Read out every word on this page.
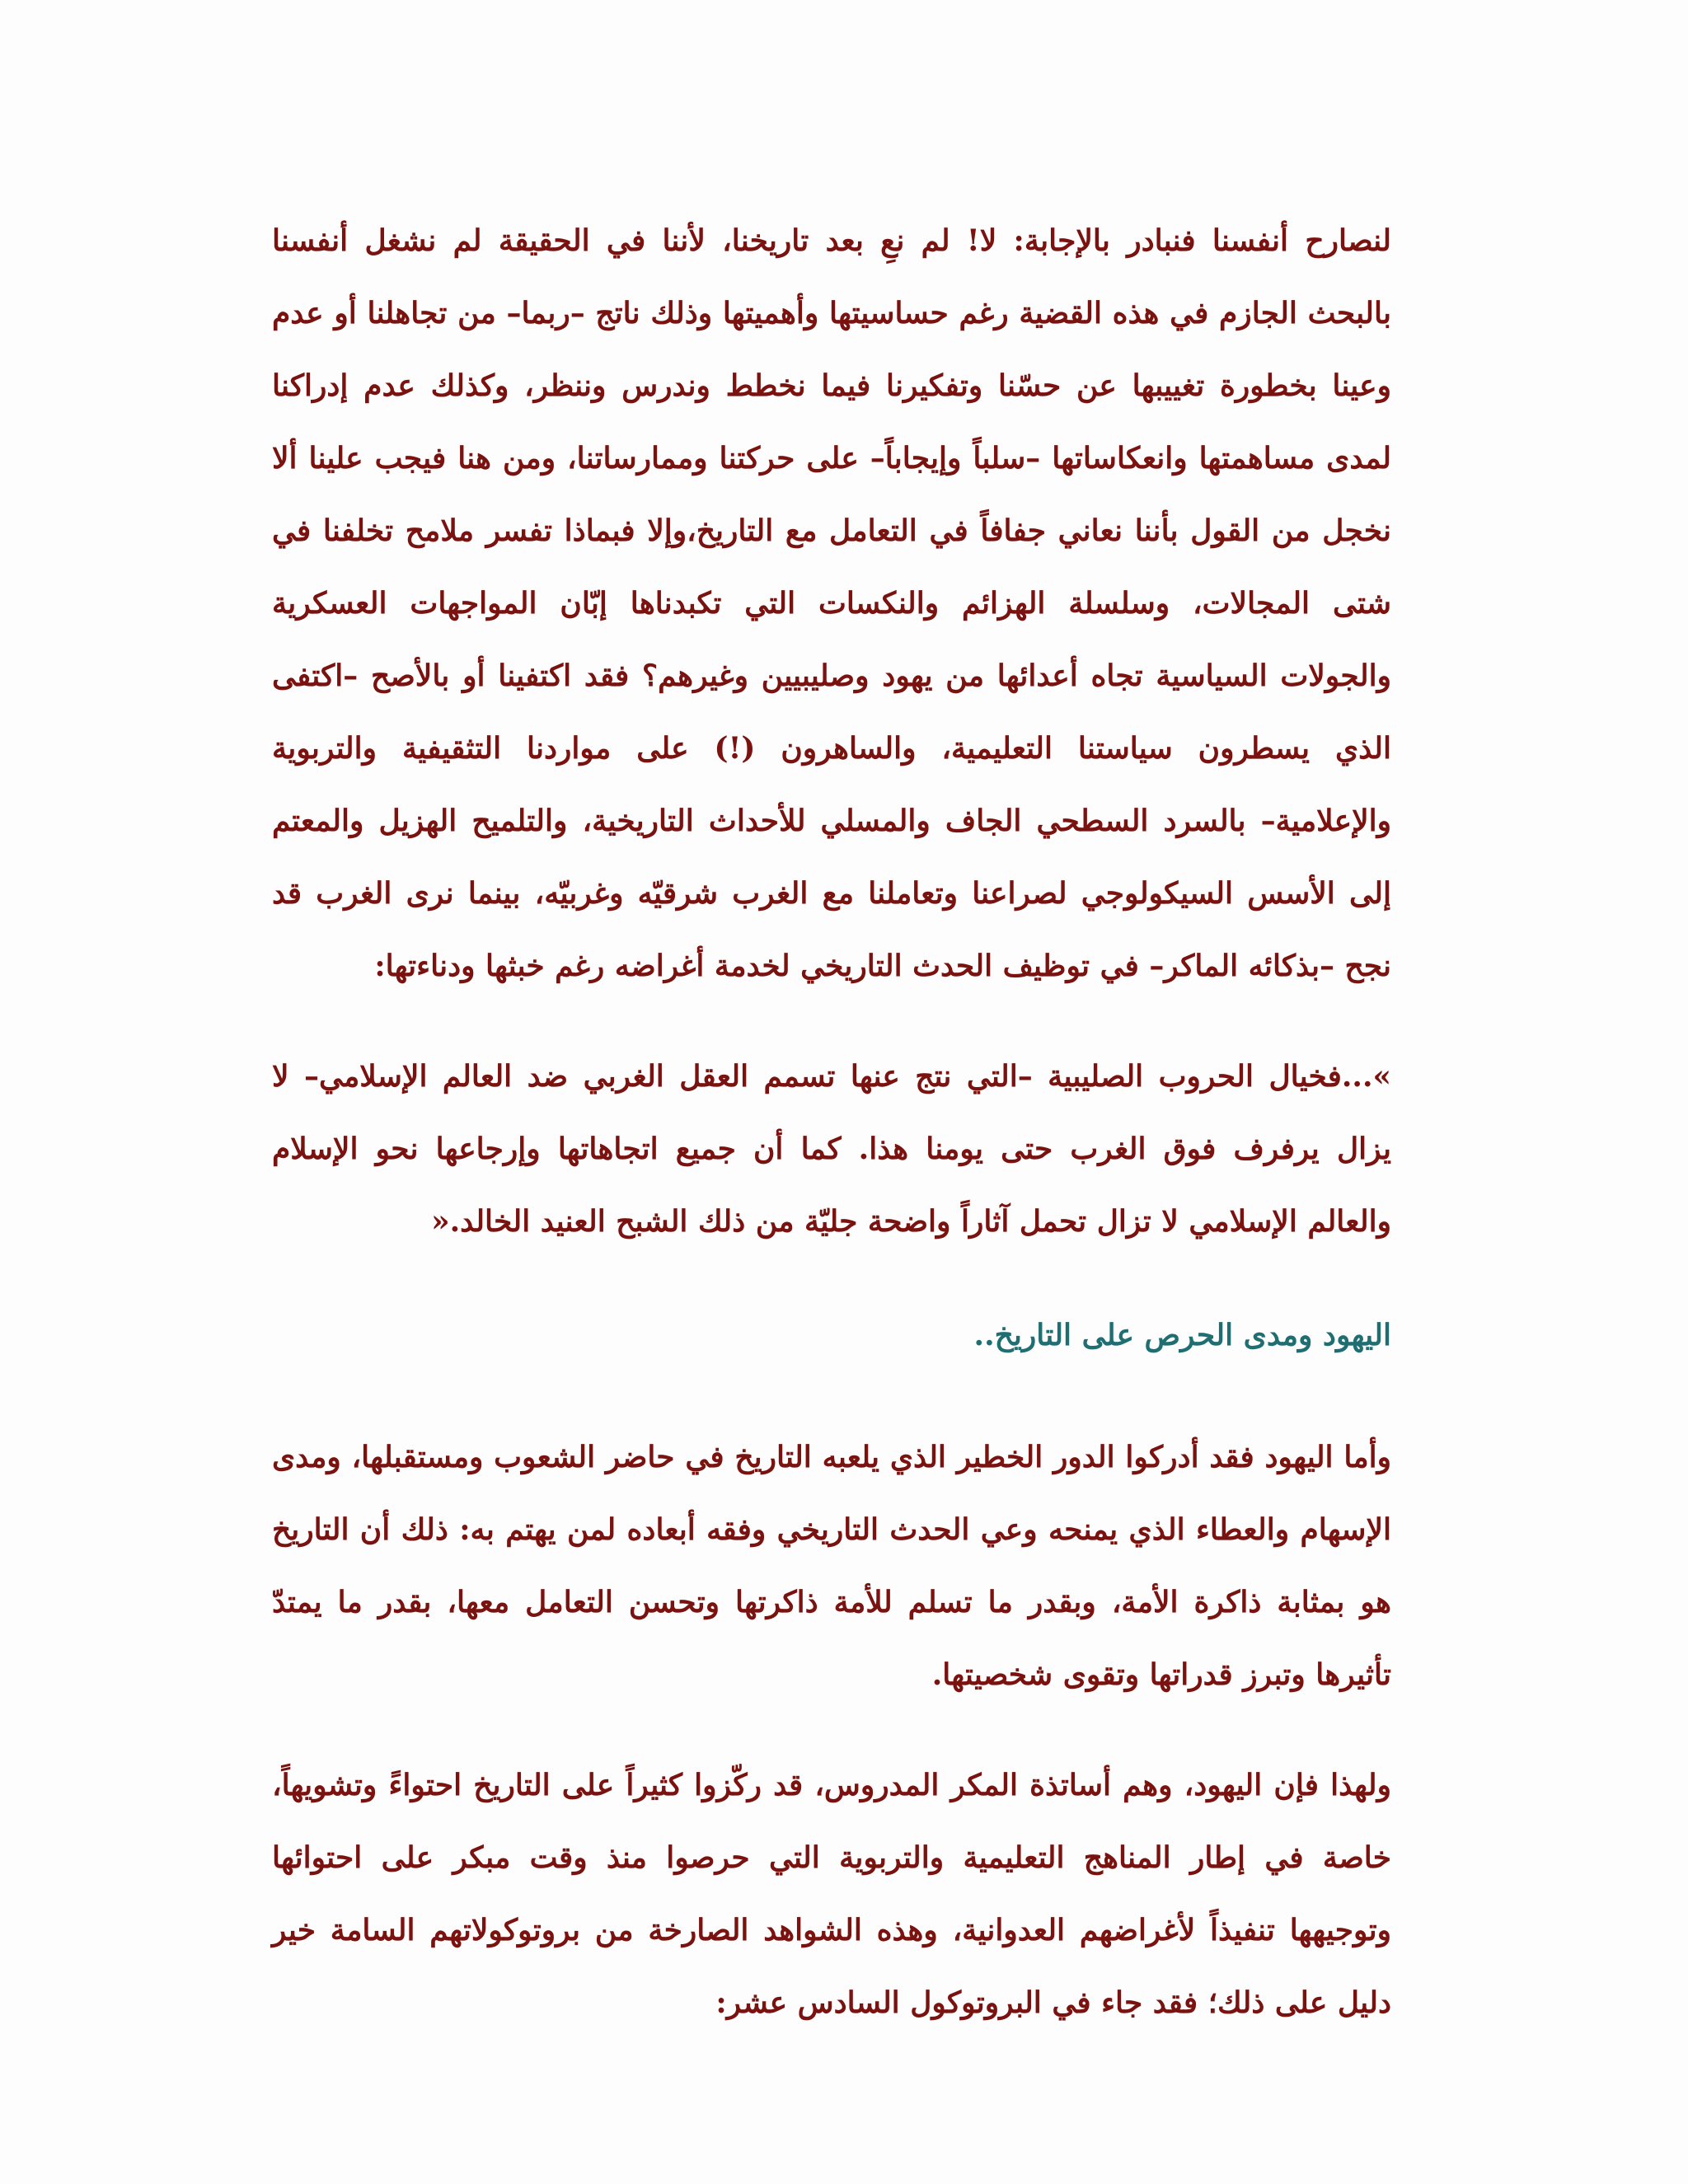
لنصارح أنفسنا فنبادر بالإجابة: لا! لم نعِ بعد تاريخنا، لأننا في الحقيقة لم نشغل أنفسنا بالبحث الجازم في هذه القضية رغم حساسيتها وأهميتها وذلك ناتج –ربما– من تجاهلنا أو عدم وعينا بخطورة تغييبها عن حسّنا وتفكيرنا فيما نخطط وندرس وننظر، وكذلك عدم إدراكنا لمدى مساهمتها وانعكاساتها –سلباً وإيجاباً– على حركتنا وممارساتنا، ومن هنا فيجب علينا ألا نخجل من القول بأننا نعاني جفافاً في التعامل مع التاريخ،وإلا فبماذا تفسر ملامح تخلفنا في شتى المجالات، وسلسلة الهزائم والنكسات التي تكبدناها إبّان المواجهات العسكرية والجولات السياسية تجاه أعدائها من يهود وصليبيين وغيرهم؟ فقد اكتفينا أو بالأصح –اكتفى الذي يسطرون سياستنا التعليمية، والساهرون (!) على مواردنا التثقيفية والتربوية والإعلامية– بالسرد السطحي الجاف والمسلي للأحداث التاريخية، والتلميح الهزيل والمعتم إلى الأسس السيكولوجي لصراعنا وتعاملنا مع الغرب شرقيّه وغربيّه، بينما نرى الغرب قد نجح –بذكائه الماكر– في توظيف الحدث التاريخي لخدمة أغراضه رغم خبثها ودناءتها:

»...فخيال الحروب الصليبية –التي نتج عنها تسمم العقل الغربي ضد العالم الإسلامي– لا يزال يرفرف فوق الغرب حتى يومنا هذا. كما أن جميع اتجاهاتها وإرجاعها نحو الإسلام والعالم الإسلامي لا تزال تحمل آثاراً واضحة جليّة من ذلك الشبح العنيد الخالد.«

اليهود ومدى الحرص على التاريخ..

وأما اليهود فقد أدركوا الدور الخطير الذي يلعبه التاريخ في حاضر الشعوب ومستقبلها، ومدى الإسهام والعطاء الذي يمنحه وعي الحدث التاريخي وفقه أبعاده لمن يهتم به: ذلك أن التاريخ هو بمثابة ذاكرة الأمة، وبقدر ما تسلم للأمة ذاكرتها وتحسن التعامل معها، بقدر ما يمتدّ تأثيرها وتبرز قدراتها وتقوى شخصيتها.

ولهذا فإن اليهود، وهم أساتذة المكر المدروس، قد ركّزوا كثيراً على التاريخ احتواءً وتشويهاً، خاصة في إطار المناهج التعليمية والتربوية التي حرصوا منذ وقت مبكر على احتوائها وتوجيهها تنفيذاً لأغراضهم العدوانية، وهذه الشواهد الصارخة من بروتوكولاتهم السامة خير دليل على ذلك؛ فقد جاء في البروتوكول السادس عشر:
